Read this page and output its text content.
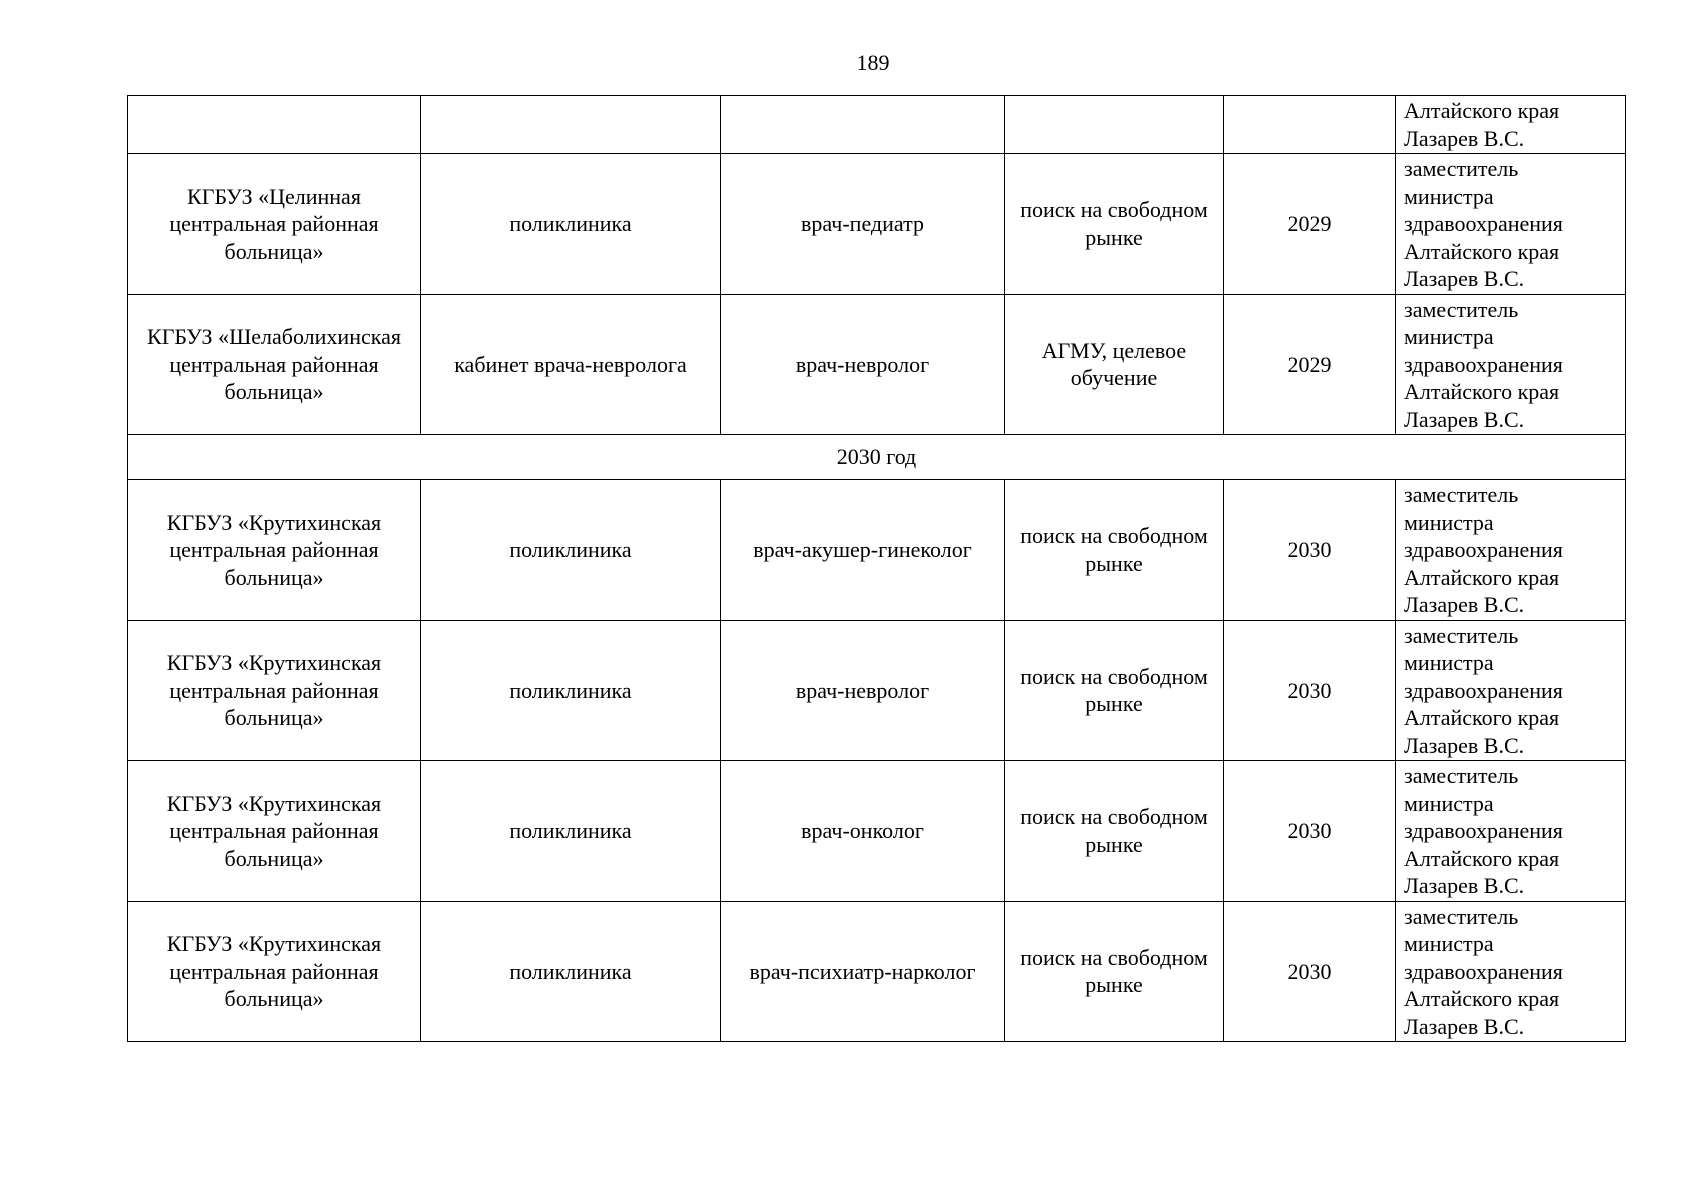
189

					Алтайского края
Лазарев В.С.

КГБУЗ «Целинная центральная районная больница»	поликлиника	врач-педиатр	поиск на свободном рынке	2029	заместитель
министра
здравоохранения
Алтайского края
Лазарев В.С.

КГБУЗ «Шелаболихинская центральная районная больница»	кабинет врача-невролога	врач-невролог	АГМУ, целевое обучение	2029	заместитель
министра
здравоохранения
Алтайского края
Лазарев В.С.

2030 год					
КГБУЗ «Крутихинская центральная районная больница»	поликлиника	врач-акушер-гинеколог	поиск на свободном рынке	2030	заместитель
министра
здравоохранения
Алтайского края
Лазарев В.С.

КГБУЗ «Крутихинская центральная районная больница»	поликлиника	врач-невролог	поиск на свободном рынке	2030	заместитель
министра
здравоохранения
Алтайского края
Лазарев В.С.

КГБУЗ «Крутихинская центральная районная больница»	поликлиника	врач-онколог	поиск на свободном рынке	2030	заместитель
министра
здравоохранения
Алтайского края
Лазарев В.С.

КГБУЗ «Крутихинская центральная районная больница»	поликлиника	врач-психиатр-нарколог	поиск на свободном рынке	2030	заместитель
министра
здравоохранения
Алтайского края
Лазарев В.С.
